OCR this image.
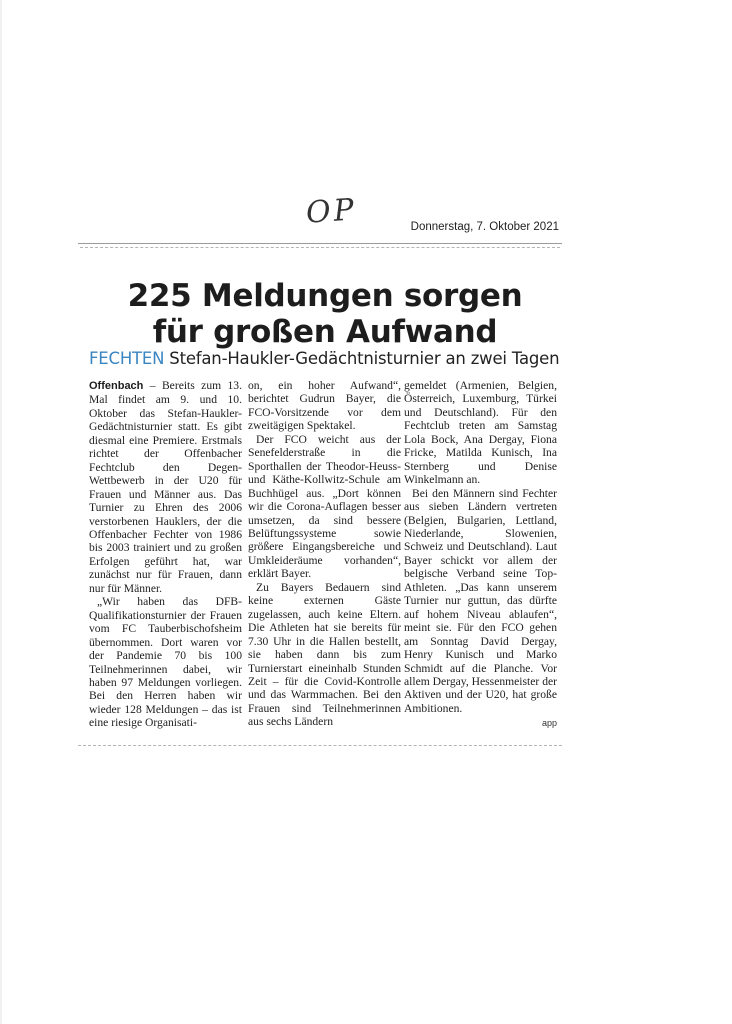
OP	Donnerstag, 7. Oktober 2021
225 Meldungen sorgen
für großen Aufwand
FECHTEN Stefan-Haukler-Gedächtnisturnier an zwei Tagen

Offenbach – Bereits zum 13. Mal findet am 9. und 10. Oktober das Stefan-Haukler-Gedächtnisturnier statt. Es gibt diesmal eine Premiere. Erstmals richtet der Offenbacher Fechtclub den Degen-Wettbewerb in der U20 für Frauen und Männer aus. Das Turnier zu Ehren des 2006 verstorbenen Hauklers, der die Offenbacher Fechter von 1986 bis 2003 trainiert und zu großen Erfolgen geführt hat, war zunächst nur für Frauen, dann nur für Männer.

„Wir haben das DFB-Qualifikationsturnier der Frauen vom FC Tauberbischofsheim übernommen. Dort waren vor der Pandemie 70 bis 100 Teilnehmerinnen dabei, wir haben 97 Meldungen vorliegen. Bei den Herren haben wir wieder 128 Meldungen – das ist eine riesige Organisati-

on, ein hoher Aufwand“, berichtet Gudrun Bayer, die FCO-Vorsitzende vor dem zweitägigen Spektakel.

Der FCO weicht aus der Senefelderstraße in die Sporthallen der Theodor-Heuss- und Käthe-Kollwitz-Schule am Buchhügel aus. „Dort können wir die Corona-Auflagen besser umsetzen, da sind bessere Belüftungssysteme sowie größere Eingangsbereiche und Umkleideräume vorhanden“, erklärt Bayer.

Zu Bayers Bedauern sind keine externen Gäste zugelassen, auch keine Eltern. Die Athleten hat sie bereits für 7.30 Uhr in die Hallen bestellt, sie haben dann bis zum Turnierstart eineinhalb Stunden Zeit – für die Covid-Kontrolle und das Warmmachen. Bei den Frauen sind Teilnehmerinnen aus sechs Ländern

gemeldet (Armenien, Belgien, Österreich, Luxemburg, Türkei und Deutschland). Für den Fechtclub treten am Samstag Lola Bock, Ana Dergay, Fiona Fricke, Matilda Kunisch, Ina Sternberg und Denise Winkelmann an.

Bei den Männern sind Fechter aus sieben Ländern vertreten (Belgien, Bulgarien, Lettland, Niederlande, Slowenien, Schweiz und Deutschland). Laut Bayer schickt vor allem der belgische Verband seine Top-Athleten. „Das kann unserem Turnier nur guttun, das dürfte auf hohem Niveau ablaufen“, meint sie. Für den FCO gehen am Sonntag David Dergay, Henry Kunisch und Marko Schmidt auf die Planche. Vor allem Dergay, Hessenmeister der Aktiven und der U20, hat große Ambitionen.

app
